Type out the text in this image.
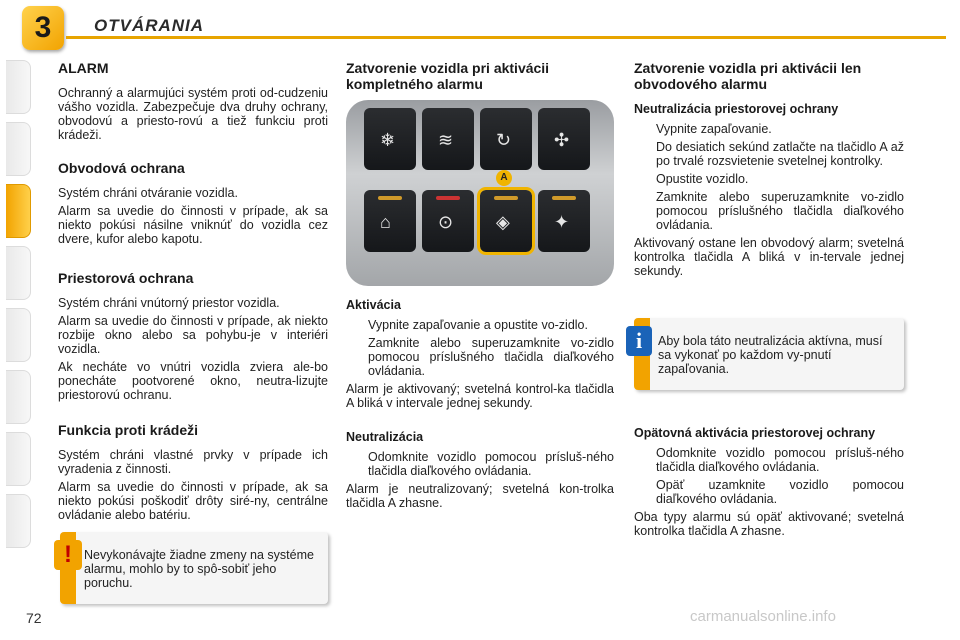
3	OTVÁRANIA
ALARM

Ochranný a alarmujúci systém proti od-cudzeniu vášho vozidla. Zabezpečuje dva druhy ochrany, obvodovú a priesto-rovú a tiež funkciu proti krádeži.

Obvodová ochrana

Systém chráni otváranie vozidla.

Alarm sa uvedie do činnosti v prípade, ak sa niekto pokúsi násilne vniknúť do vozidla cez dvere, kufor alebo kapotu.

Priestorová ochrana

Systém chráni vnútorný priestor vozidla.

Alarm sa uvedie do činnosti v prípade, ak niekto rozbije okno alebo sa pohybu-je v interiéri vozidla.

Ak necháte vo vnútri vozidla zviera ale-bo ponecháte pootvorené okno, neutra-lizujte priestorovú ochranu.

Funkcia proti krádeži

Systém chráni vlastné prvky v prípade ich vyradenia z činnosti.

Alarm sa uvedie do činnosti v prípade, ak sa niekto pokúsi poškodiť drôty siré-ny, centrálne ovládanie alebo batériu.

Nevykonávajte žiadne zmeny na systéme alarmu, mohlo by to spô-sobiť jeho poruchu.
!
Zatvorenie vozidla pri aktivácii kompletného alarmu
❄ ≋ ↻ ✣
⌂	⊙ ◈ ✦
A
Aktivácia
Vypnite zapaľovanie a opustite vo-zidlo.
Zamknite alebo superuzamknite vo-zidlo pomocou príslušného tlačidla diaľkového ovládania.

Alarm je aktivovaný; svetelná kontrol-ka tlačidla A bliká v intervale jednej sekundy.

Neutralizácia
Odomknite vozidlo pomocou prísluš-ného tlačidla diaľkového ovládania.

Alarm je neutralizovaný; svetelná kon-trolka tlačidla A zhasne.

Zatvorenie vozidla pri aktivácii len obvodového alarmu
Neutralizácia priestorovej ochrany
Vypnite zapaľovanie.
Do desiatich sekúnd zatlačte na tlačidlo A až po trvalé rozsvietenie svetelnej kontrolky.
Opustite vozidlo.
Zamknite alebo superuzamknite vo-zidlo pomocou príslušného tlačidla diaľkového ovládania.

Aktivovaný ostane len obvodový alarm; svetelná kontrolka tlačidla A bliká v in-tervale jednej sekundy.

Aby bola táto neutralizácia aktívna, musí sa vykonať po každom vy-pnutí zapaľovania.
i
Opätovná aktivácia priestorovej ochrany
Odomknite vozidlo pomocou prísluš-ného tlačidla diaľkového ovládania.
Opäť uzamknite vozidlo pomocou diaľkového ovládania.

Oba typy alarmu sú opäť aktivované; svetelná kontrolka tlačidla A zhasne.

72	carmanualsonline.info
